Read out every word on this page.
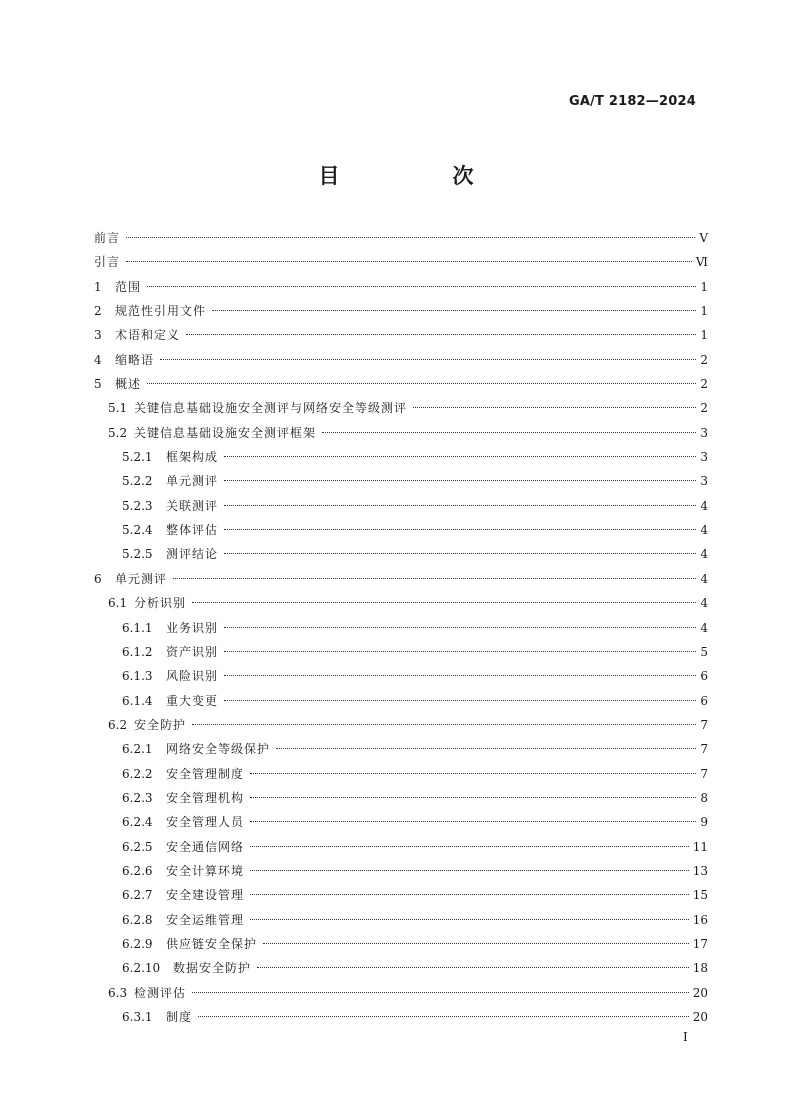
GA/T 2182—2024
目　次
前言	Ⅴ
引言	Ⅵ
1	范围	1
2	规范性引用文件	1
3	术语和定义	1
4	缩略语	2
5	概述	2
5.1 关键信息基础设施安全测评与网络安全等级测评	2
5.2 关键信息基础设施安全测评框架	3
5.2.1	框架构成	3
5.2.2	单元测评	3
5.2.3	关联测评	4
5.2.4	整体评估	4
5.2.5	测评结论	4
6	单元测评	4
6.1 分析识别	4
6.1.1	业务识别	4
6.1.2	资产识别	5
6.1.3	风险识别	6
6.1.4	重大变更	6
6.2 安全防护	7
6.2.1	网络安全等级保护	7
6.2.2	安全管理制度	7
6.2.3	安全管理机构	8
6.2.4	安全管理人员	9
6.2.5	安全通信网络	11
6.2.6	安全计算环境	13
6.2.7	安全建设管理	15
6.2.8	安全运维管理	16
6.2.9	供应链安全保护	17
6.2.10	数据安全防护	18
6.3 检测评估	20
6.3.1	制度	20
Ⅰ
